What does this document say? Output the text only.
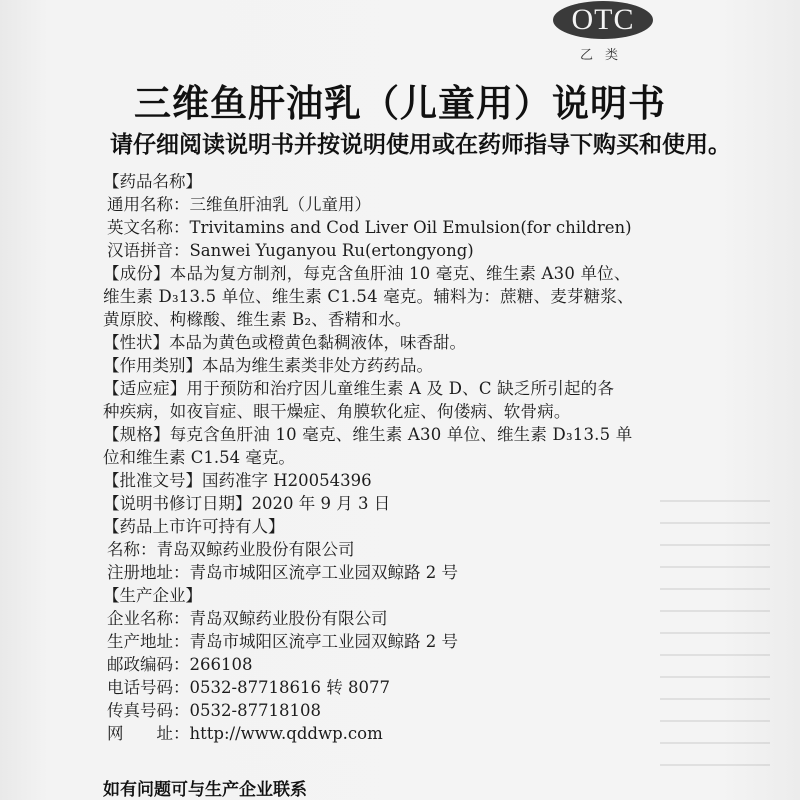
OTC
乙类
三维鱼肝油乳（儿童用）说明书
请仔细阅读说明书并按说明使用或在药师指导下购买和使用。
【药品名称】
通用名称：三维鱼肝油乳（儿童用）
英文名称：Trivitamins and Cod Liver Oil Emulsion(for children)
汉语拼音：Sanwei Yuganyou Ru(ertongyong)
【成份】本品为复方制剂，每克含鱼肝油 10 毫克、维生素 A30 单位、
维生素 D₃13.5 单位、维生素 C1.54 毫克。辅料为：蔗糖、麦芽糖浆、
黄原胶、枸橼酸、维生素 B₂、香精和水。
【性状】本品为黄色或橙黄色黏稠液体，味香甜。
【作用类别】本品为维生素类非处方药药品。
【适应症】用于预防和治疗因儿童维生素 A 及 D、C 缺乏所引起的各
种疾病，如夜盲症、眼干燥症、角膜软化症、佝偻病、软骨病。
【规格】每克含鱼肝油 10 毫克、维生素 A30 单位、维生素 D₃13.5 单
位和维生素 C1.54 毫克。
【批准文号】国药准字 H20054396
【说明书修订日期】2020 年 9 月 3 日
【药品上市许可持有人】
名称：青岛双鲸药业股份有限公司
注册地址：青岛市城阳区流亭工业园双鲸路 2 号
【生产企业】
企业名称：青岛双鲸药业股份有限公司
生产地址：青岛市城阳区流亭工业园双鲸路 2 号
邮政编码：266108
电话号码：0532-87718616 转 8077
传真号码：0532-87718108
网　　址：http://www.qddwp.com
如有问题可与生产企业联系
